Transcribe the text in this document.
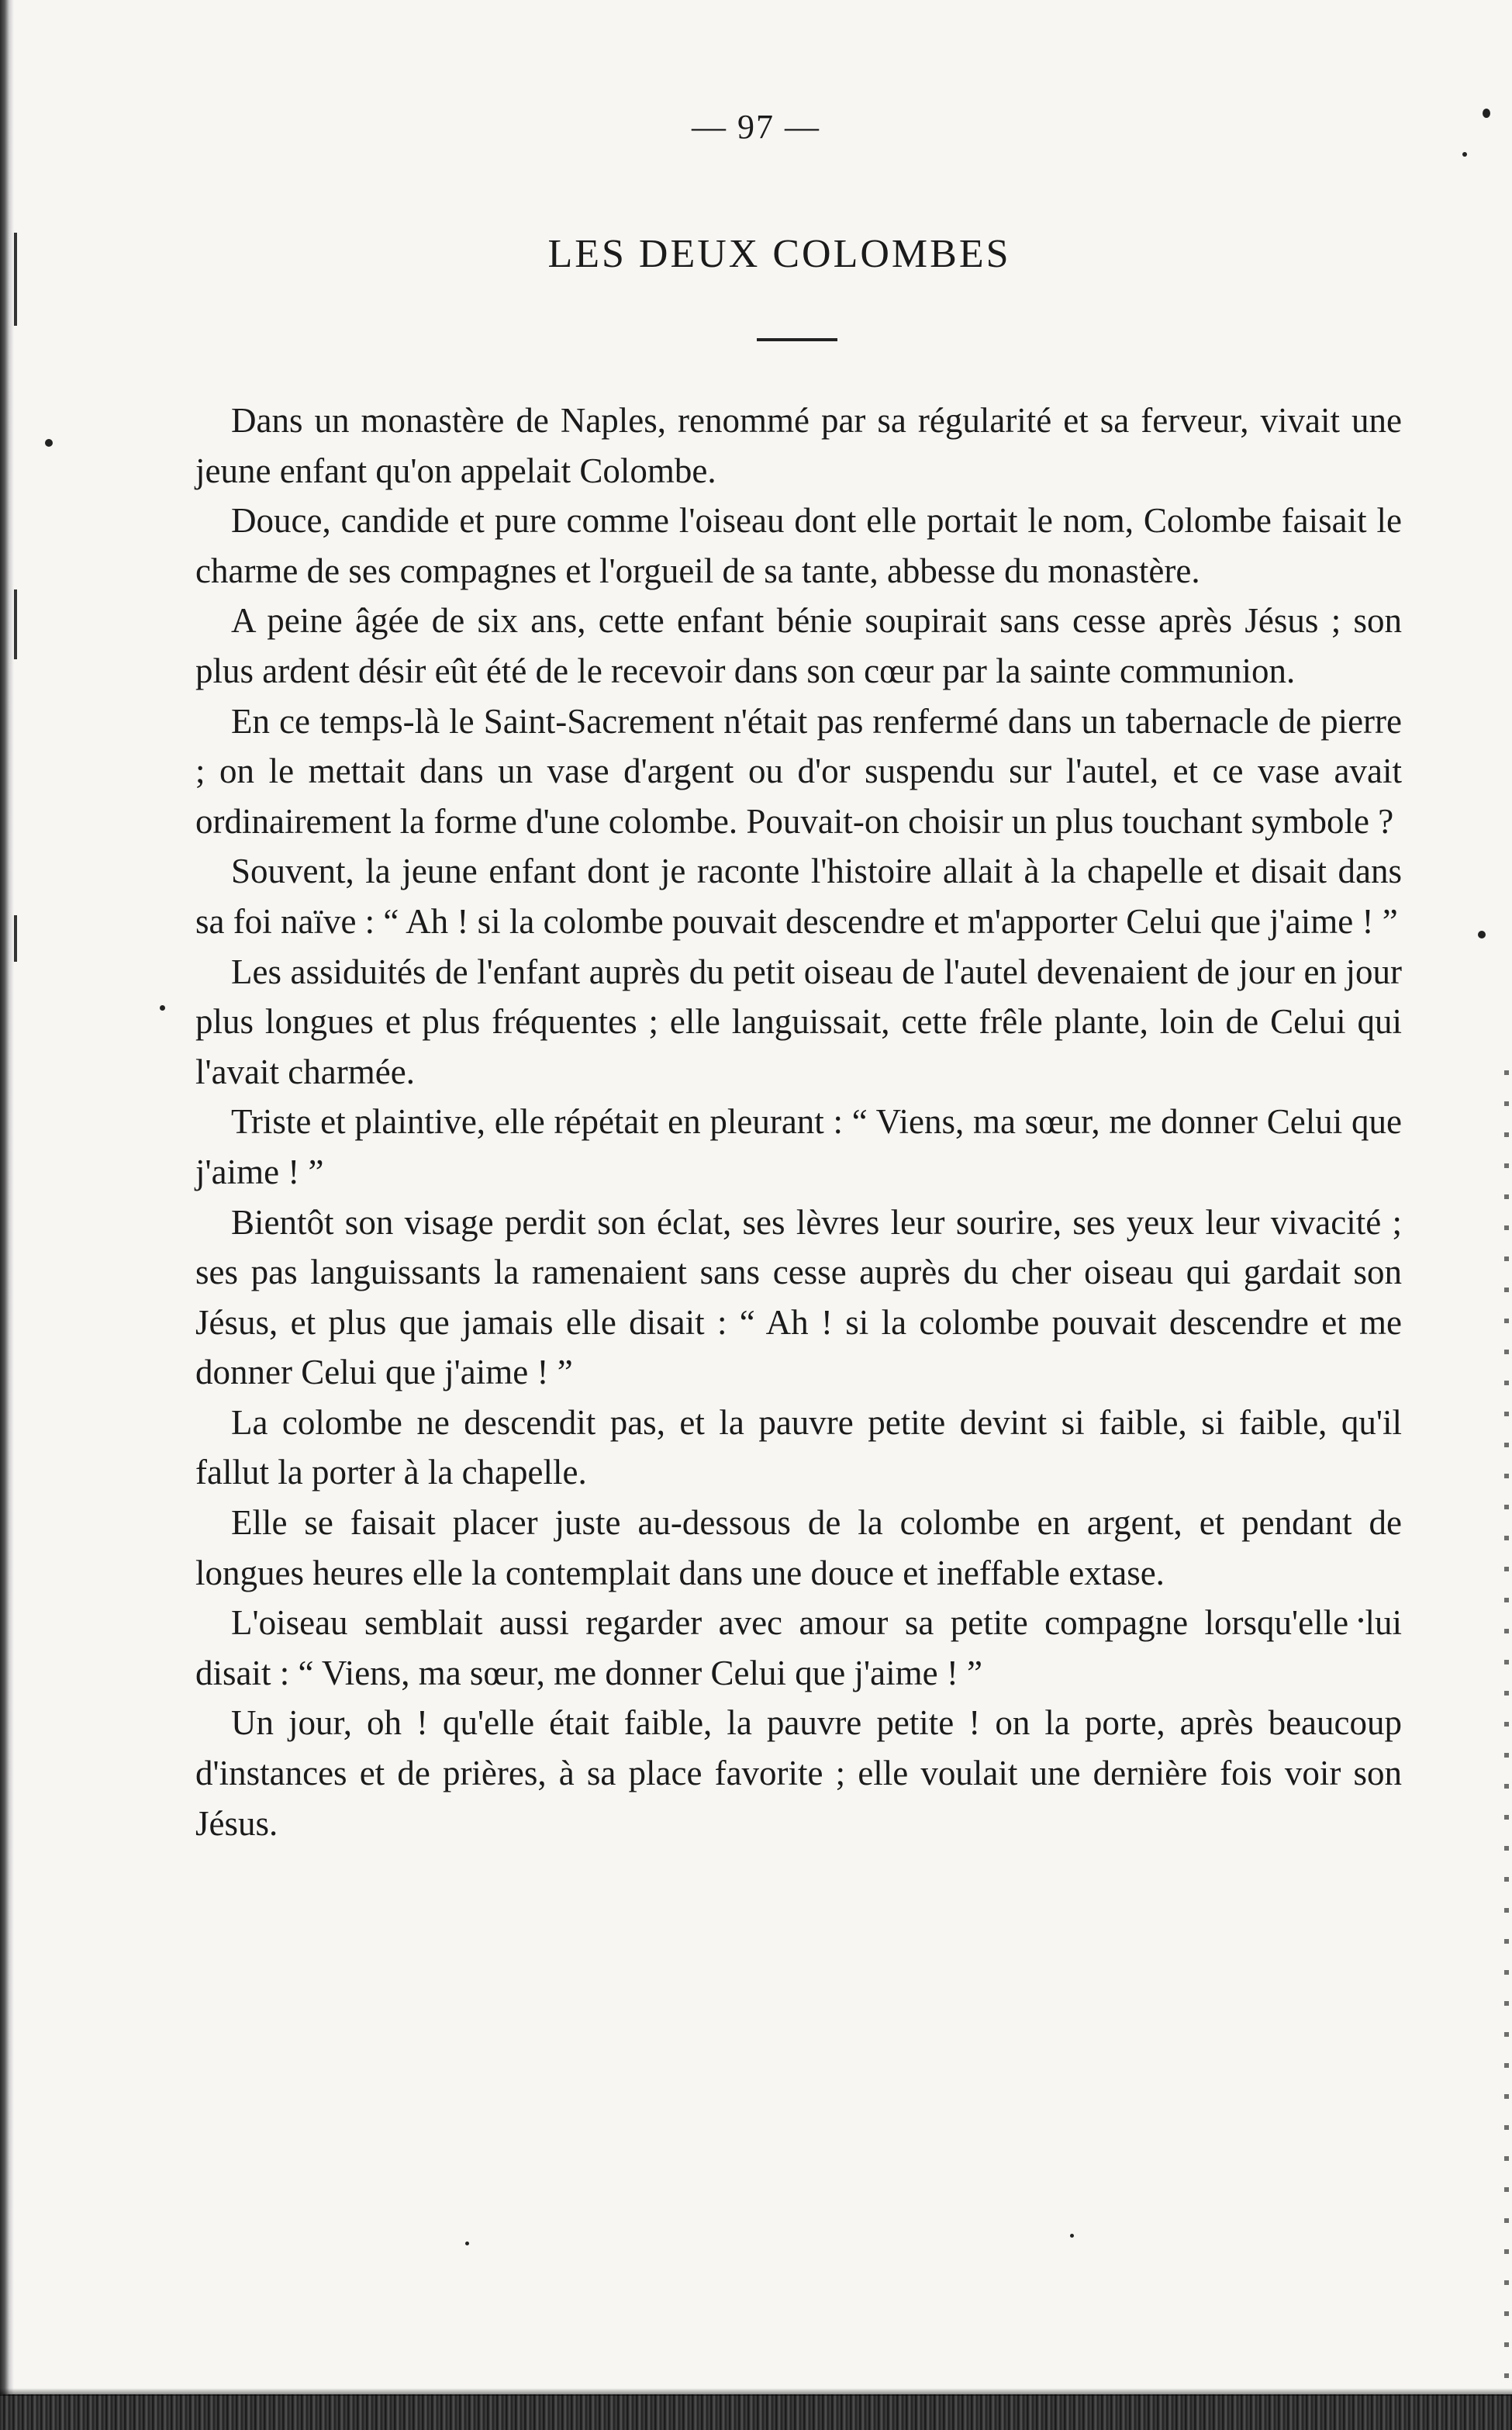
— 97 —
LES DEUX COLOMBES

Dans un monastère de Naples, renommé par sa régularité et sa ferveur, vivait une jeune enfant qu'on appelait Colombe.

Douce, candide et pure comme l'oiseau dont elle portait le nom, Colombe faisait le charme de ses compagnes et l'orgueil de sa tante, abbesse du monastère.

A peine âgée de six ans, cette enfant bénie soupirait sans cesse après Jésus ; son plus ardent désir eût été de le recevoir dans son cœur par la sainte communion.

En ce temps-là le Saint-Sacrement n'était pas renfermé dans un tabernacle de pierre ; on le mettait dans un vase d'argent ou d'or suspendu sur l'autel, et ce vase avait ordinairement la forme d'une colombe. Pouvait-on choisir un plus touchant symbole ?

Souvent, la jeune enfant dont je raconte l'histoire allait à la chapelle et disait dans sa foi naïve : “ Ah ! si la colombe pouvait descendre et m'apporter Celui que j'aime ! ”

Les assiduités de l'enfant auprès du petit oiseau de l'autel devenaient de jour en jour plus longues et plus fréquentes ; elle languissait, cette frêle plante, loin de Celui qui l'avait charmée.

Triste et plaintive, elle répétait en pleurant : “ Viens, ma sœur, me donner Celui que j'aime ! ”

Bientôt son visage perdit son éclat, ses lèvres leur sourire, ses yeux leur vivacité ; ses pas languissants la ramenaient sans cesse auprès du cher oiseau qui gardait son Jésus, et plus que jamais elle disait : “ Ah ! si la colombe pouvait descendre et me donner Celui que j'aime ! ”

La colombe ne descendit pas, et la pauvre petite devint si faible, si faible, qu'il fallut la porter à la chapelle.

Elle se faisait placer juste au-dessous de la colombe en argent, et pendant de longues heures elle la contemplait dans une douce et ineffable extase.

L'oiseau semblait aussi regarder avec amour sa petite compagne lorsqu'elle lui disait : “ Viens, ma sœur, me donner Celui que j'aime ! ”

Un jour, oh ! qu'elle était faible, la pauvre petite ! on la porte, après beaucoup d'instances et de prières, à sa place favorite ; elle voulait une dernière fois voir son Jésus.
